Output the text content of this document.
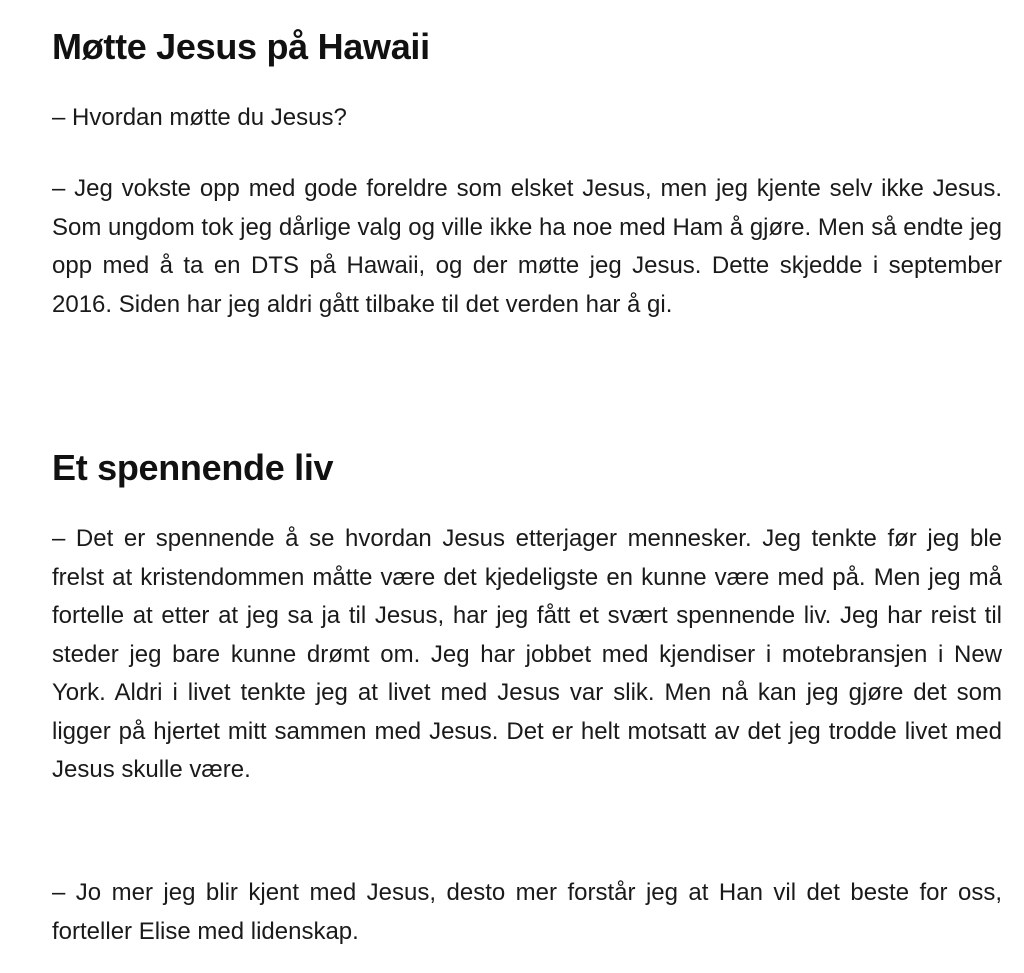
Møtte Jesus på Hawaii

– Hvordan møtte du Jesus?

– Jeg vokste opp med gode foreldre som elsket Jesus, men jeg kjente selv ikke Jesus. Som ungdom tok jeg dårlige valg og ville ikke ha noe med Ham å gjøre. Men så endte jeg opp med å ta en DTS på Hawaii, og der møtte jeg Jesus. Dette skjedde i september 2016. Siden har jeg aldri gått tilbake til det verden har å gi.

Et spennende liv

– Det er spennende å se hvordan Jesus etterjager mennesker. Jeg tenkte før jeg ble frelst at kristendommen måtte være det kjedeligste en kunne være med på. Men jeg må fortelle at etter at jeg sa ja til Jesus, har jeg fått et svært spennende liv. Jeg har reist til steder jeg bare kunne drømt om. Jeg har jobbet med kjendiser i motebransjen i New York. Aldri i livet tenkte jeg at livet med Jesus var slik. Men nå kan jeg gjøre det som ligger på hjertet mitt sammen med Jesus. Det er helt motsatt av det jeg trodde livet med Jesus skulle være.

– Jo mer jeg blir kjent med Jesus, desto mer forstår jeg at Han vil det beste for oss, forteller Elise med lidenskap.
